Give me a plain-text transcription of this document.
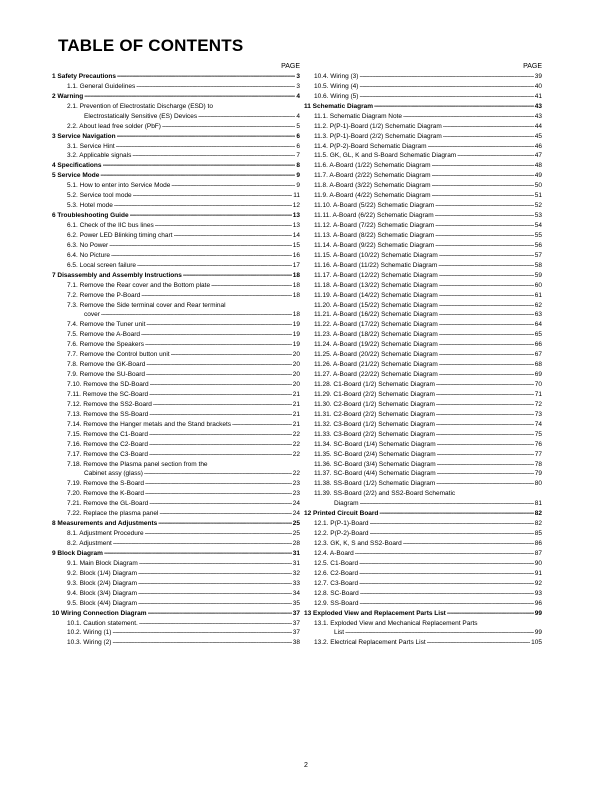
TABLE OF CONTENTS
PAGE
1 Safety Precautions -----	3
1.1. General Guidelines -----	3
2 Warning -----	4
2.1. Prevention of Electrostatic Discharge (ESD) to
Electrostatically Sensitive (ES) Devices -----	4
2.2. About lead free solder (PbF) -----	5
3 Service Navigation -----	6
3.1. Service Hint -----	6
3.2. Applicable signals -----	7
4 Specifications -----	8
5 Service Mode -----	9
5.1. How to enter into Service Mode -----	9
5.2. Service tool mode -----	11
5.3. Hotel mode -----	12
6 Troubleshooting Guide -----	13
6.1. Check of the IIC bus lines -----	13
6.2. Power LED Blinking timing chart -----	14
6.3. No Power -----	15
6.4. No Picture -----	16
6.5. Local screen failure -----	17
7 Disassembly and Assembly Instructions -----	18
7.1. Remove the Rear cover and the Bottom plate -----	18
7.2. Remove the P-Board -----	18
7.3. Remove the Side terminal cover and Rear terminal
cover -----	18
7.4. Remove the Tuner unit -----	19
7.5. Remove the A-Board -----	19
7.6. Remove the Speakers -----	19
7.7. Remove the Control button unit -----	20
7.8. Remove the GK-Board -----	20
7.9. Remove the SU-Board -----	20
7.10. Remove the SD-Board -----	20
7.11. Remove the SC-Board -----	21
7.12. Remove the SS2-Board -----	21
7.13. Remove the SS-Board -----	21
7.14. Remove the Hanger metals and the Stand brackets -----	21
7.15. Remove the C1-Board -----	22
7.16. Remove the C2-Board -----	22
7.17. Remove the C3-Board -----	22
7.18. Remove the Plasma panel section from the
Cabinet assy (glass) -----	22
7.19. Remove the S-Board -----	23
7.20. Remove the K-Board -----	23
7.21. Remove the GL-Board -----	24
7.22. Replace the plasma panel -----	24
8 Measurements and Adjustments -----	25
8.1. Adjustment Procedure -----	25
8.2. Adjustment -----	28
9 Block Diagram -----	31
9.1. Main Block Diagram -----	31
9.2. Block (1/4) Diagram -----	32
9.3. Block (2/4) Diagram -----	33
9.4. Block (3/4) Diagram -----	34
9.5. Block (4/4) Diagram -----	35
10 Wiring Connection Diagram -----	37
10.1. Caution statement. -----	37
10.2. Wiring (1) -----	37
10.3. Wiring (2) -----	38
PAGE
10.4. Wiring (3) -----	39
10.5. Wiring (4) -----	40
10.6. Wiring (5) -----	41
11 Schematic Diagram -----	43
11.1. Schematic Diagram Note -----	43
11.2. P(P-1)-Board (1/2) Schematic Diagram -----	44
11.3. P(P-1)-Board (2/2) Schematic Diagram -----	45
11.4. P(P-2)-Board Schematic Diagram -----	46
11.5. GK, GL, K and S-Board Schematic Diagram -----	47
11.6. A-Board (1/22) Schematic Diagram -----	48
11.7. A-Board (2/22) Schematic Diagram -----	49
11.8. A-Board (3/22) Schematic Diagram -----	50
11.9. A-Board (4/22) Schematic Diagram -----	51
11.10. A-Board (5/22) Schematic Diagram -----	52
11.11. A-Board (6/22) Schematic Diagram -----	53
11.12. A-Board (7/22) Schematic Diagram -----	54
11.13. A-Board (8/22) Schematic Diagram -----	55
11.14. A-Board (9/22) Schematic Diagram -----	56
11.15. A-Board (10/22) Schematic Diagram -----	57
11.16. A-Board (11/22) Schematic Diagram -----	58
11.17. A-Board (12/22) Schematic Diagram -----	59
11.18. A-Board (13/22) Schematic Diagram -----	60
11.19. A-Board (14/22) Schematic Diagram -----	61
11.20. A-Board (15/22) Schematic Diagram -----	62
11.21. A-Board (16/22) Schematic Diagram -----	63
11.22. A-Board (17/22) Schematic Diagram -----	64
11.23. A-Board (18/22) Schematic Diagram -----	65
11.24. A-Board (19/22) Schematic Diagram -----	66
11.25. A-Board (20/22) Schematic Diagram -----	67
11.26. A-Board (21/22) Schematic Diagram -----	68
11.27. A-Board (22/22) Schematic Diagram -----	69
11.28. C1-Board (1/2) Schematic Diagram -----	70
11.29. C1-Board (2/2) Schematic Diagram -----	71
11.30. C2-Board (1/2) Schematic Diagram -----	72
11.31. C2-Board (2/2) Schematic Diagram -----	73
11.32. C3-Board (1/2) Schematic Diagram -----	74
11.33. C3-Board (2/2) Schematic Diagram -----	75
11.34. SC-Board (1/4) Schematic Diagram -----	76
11.35. SC-Board (2/4) Schematic Diagram -----	77
11.36. SC-Board (3/4) Schematic Diagram -----	78
11.37. SC-Board (4/4) Schematic Diagram -----	79
11.38. SS-Board (1/2) Schematic Diagram -----	80
11.39. SS-Board (2/2) and SS2-Board Schematic
Diagram -----	81
12 Printed Circuit Board -----	82
12.1. P(P-1)-Board -----	82
12.2. P(P-2)-Board -----	85
12.3. GK, K, S and SS2-Board -----	86
12.4. A-Board -----	87
12.5. C1-Board -----	90
12.6. C2-Board -----	91
12.7. C3-Board -----	92
12.8. SC-Board -----	93
12.9. SS-Board -----	96
13 Exploded View and Replacement Parts List -----	99
13.1. Exploded View and Mechanical Replacement Parts
List -----	99
13.2. Electrical Replacement Parts List -----	105
2
